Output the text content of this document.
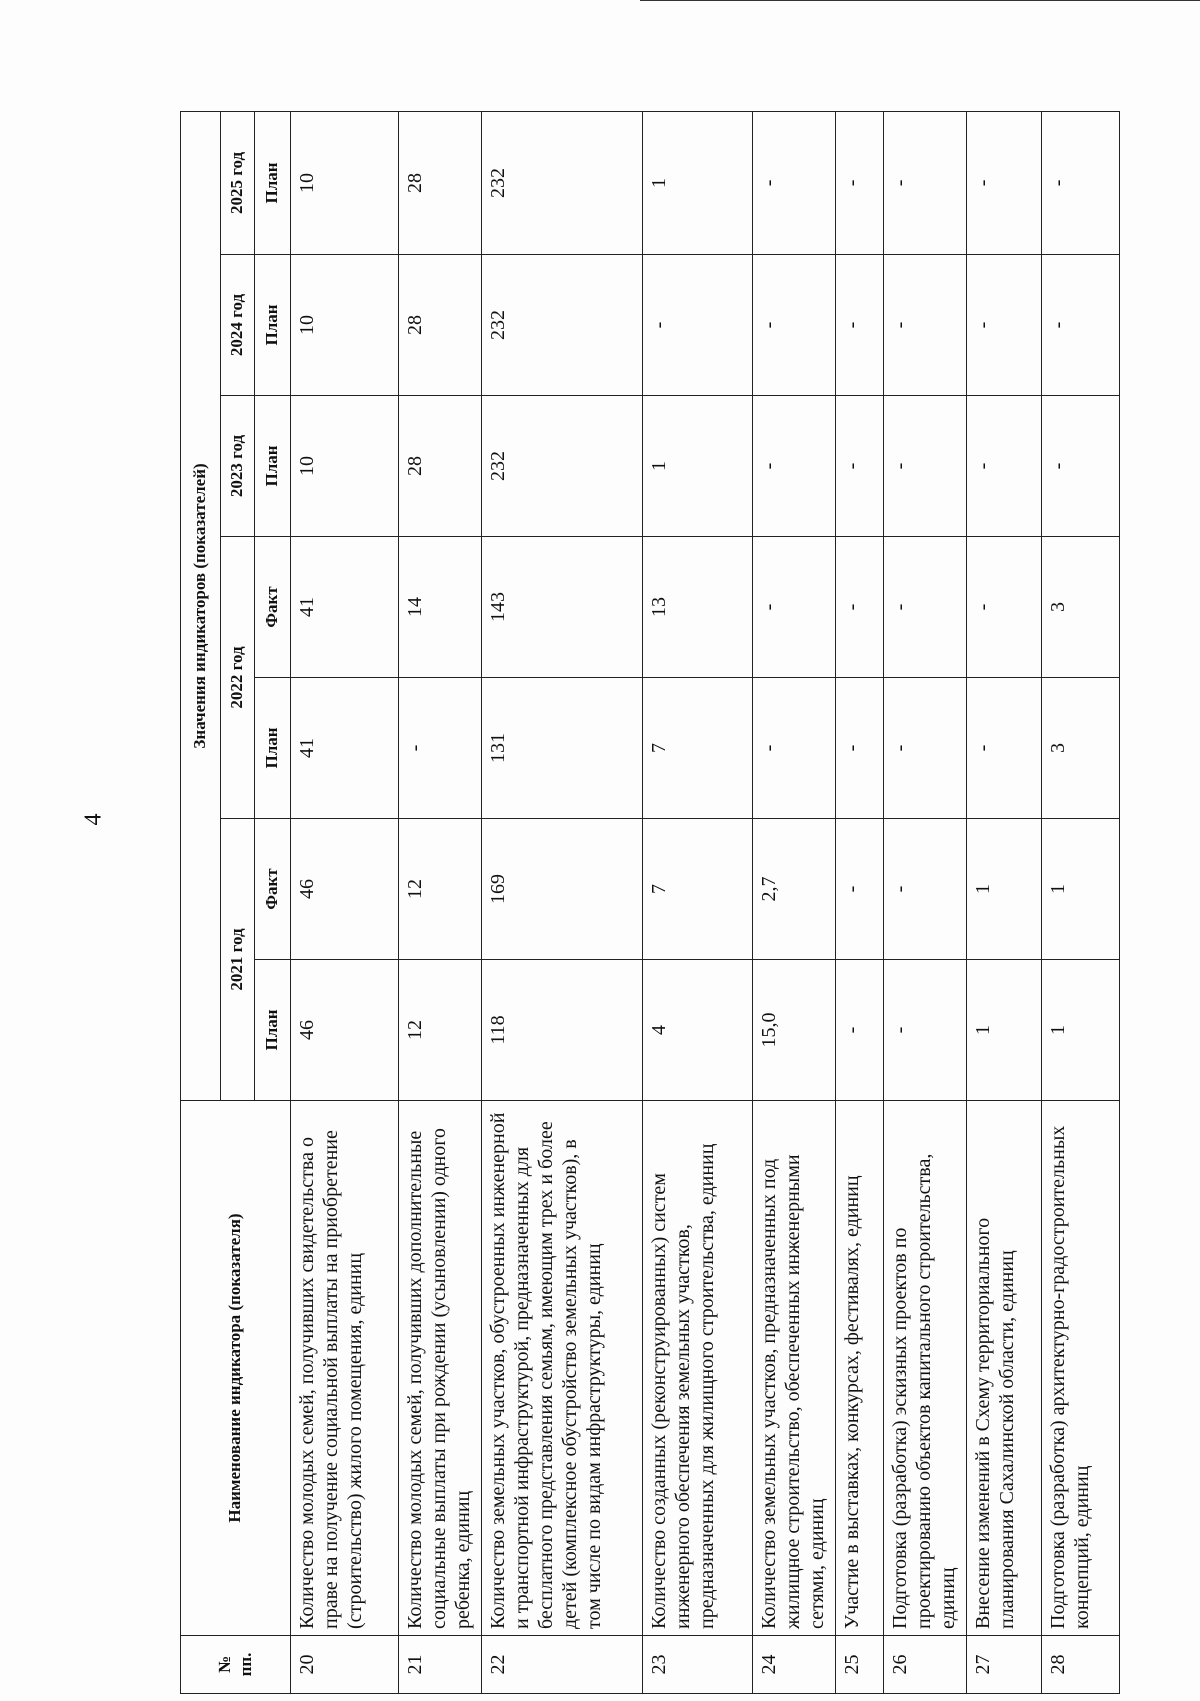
4
№ пп.	Наименование индикатора (показателя)	Значения индикаторов (показателей)						
		2021 год		2022 год		2023 год	2024 год	2025 год
		План	Факт	План	Факт	План	План	План
20	Количество молодых семей, получивших свидетельства о праве на получение социальной выплаты на приобретение (строительство) жилого помещения, единиц	46	46	41	41	10	10	10
21	Количество молодых семей, получивших дополнительные социальные выплаты при рождении (усыновлении) одного ребенка, единиц	12	12	-	14	28	28	28
22	Количество земельных участков, обустроенных инженерной и транспортной инфраструктурой, предназначенных для бесплатного представления семьям, имеющим трех и более детей (комплексное обустройство земельных участков), в том числе по видам инфраструктуры, единиц	118	169	131	143	232	232	232
23	Количество созданных (реконструированных) систем инженерного обеспечения земельных участков, предназначенных для жилищного строительства, единиц	4	7	7	13	1	-	1
24	Количество земельных участков, предназначенных под жилищное строительство, обеспеченных инженерными сетями, единиц	15,0	2,7	-	-	-	-	-
25	Участие в выставках, конкурсах, фестивалях, единиц	-	-	-	-	-	-	-
26	Подготовка (разработка) эскизных проектов по проектированию объектов капитального строительства, единиц	-	-	-	-	-	-	-
27	Внесение изменений в Схему территориального планирования Сахалинской области, единиц	1	1	-	-	-	-	-
28	Подготовка (разработка) архитектурно-градостроительных концепций, единиц	1	1	3	3	-	-	-
